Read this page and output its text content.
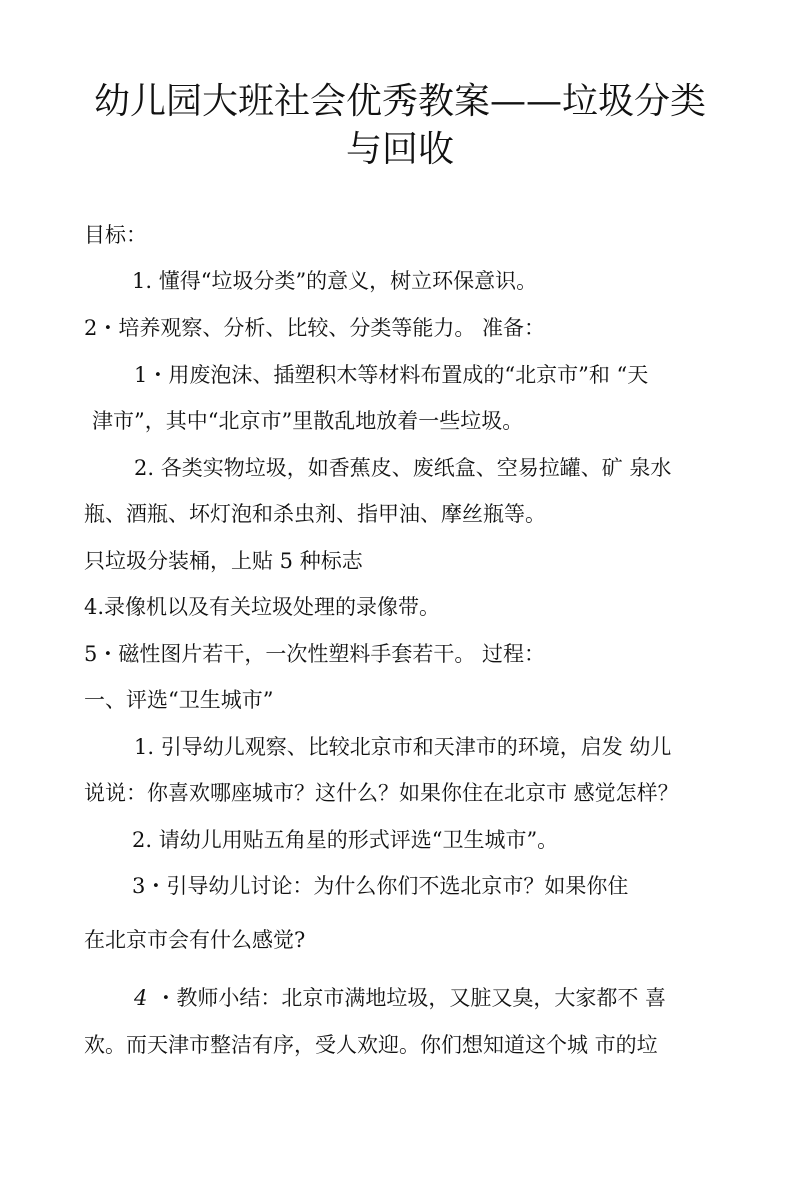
幼儿园大班社会优秀教案——垃圾分类
与回收

目标：

1. 懂得“垃圾分类”的意义，树立环保意识。

2・培养观察、分析、比较、分类等能力。 准备：

1・用废泡沫、插塑积木等材料布置成的“北京市”和 “天

津市”，其中“北京市”里散乱地放着一些垃圾。

2. 各类实物垃圾，如香蕉皮、废纸盒、空易拉罐、矿 泉水

瓶、酒瓶、坏灯泡和杀虫剂、指甲油、摩丝瓶等。

只垃圾分装桶，上贴 5 种标志

4.录像机以及有关垃圾处理的录像带。

5・磁性图片若干，一次性塑料手套若干。 过程：

一、评选“卫生城市”

1. 引导幼儿观察、比较北京市和天津市的环境，启发 幼儿

说说：你喜欢哪座城市？这什么？如果你住在北京市 感觉怎样？

2. 请幼儿用贴五角星的形式评选“卫生城市”。

3・引导幼儿讨论：为什么你们不选北京市？如果你住

在北京市会有什么感觉?

4 ・教师小结：北京市满地垃圾，又脏又臭，大家都不 喜

欢。而天津市整洁有序，受人欢迎。你们想知道这个城 市的垃
